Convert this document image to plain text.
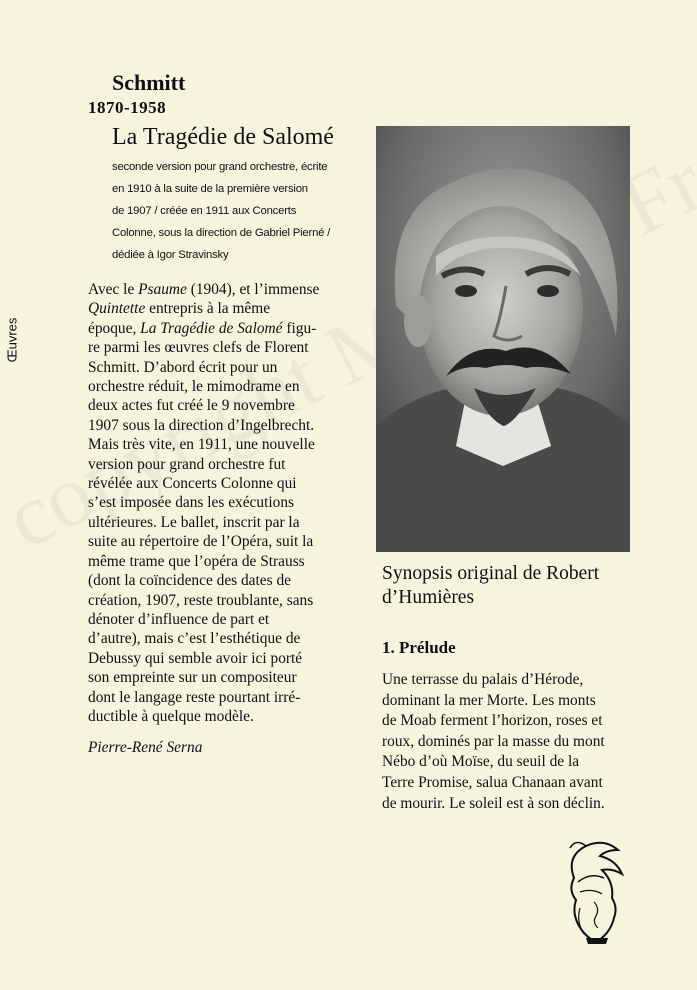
Schmitt
1870-1958
La Tragédie de Salomé
seconde version pour grand orchestre, écrite
en 1910 à la suite de la première version
de 1907 / créée en 1911 aux Concerts
Colonne, sous la direction de Gabriel Pierné /
dédiée à Igor Stravinsky
Œuvres
Avec le Psaume (1904), et l’immense
Quintette entrepris à la même
époque, La Tragédie de Salomé figu-
re parmi les œuvres clefs de Florent
Schmitt. D’abord écrit pour un
orchestre réduit, le mimodrame en
deux actes fut créé le 9 novembre
1907 sous la direction d’Ingelbrecht.
Mais très vite, en 1911, une nouvelle
version pour grand orchestre fut
révélée aux Concerts Colonne qui
s’est imposée dans les exécutions
ultérieures. Le ballet, inscrit par la
suite au répertoire de l’Opéra, suit la
même trame que l’opéra de Strauss
(dont la coïncidence des dates de
création, 1907, reste troublante, sans
dénoter d’influence de part et
d’autre), mais c’est l’esthétique de
Debussy qui semble avoir ici porté
son empreinte sur un compositeur
dont le langage reste pourtant irré-
ductible à quelque modèle.
Pierre-René Serna
Synopsis original de Robert
d’Humières
1. Prélude
Une terrasse du palais d’Hérode,
dominant la mer Morte. Les monts
de Moab ferment l’horizon, roses et
roux, dominés par la masse du mont
Nébo d’où Moïse, du seuil de la
Terre Promise, salua Chanaan avant
de mourir. Le soleil est à son déclin.
